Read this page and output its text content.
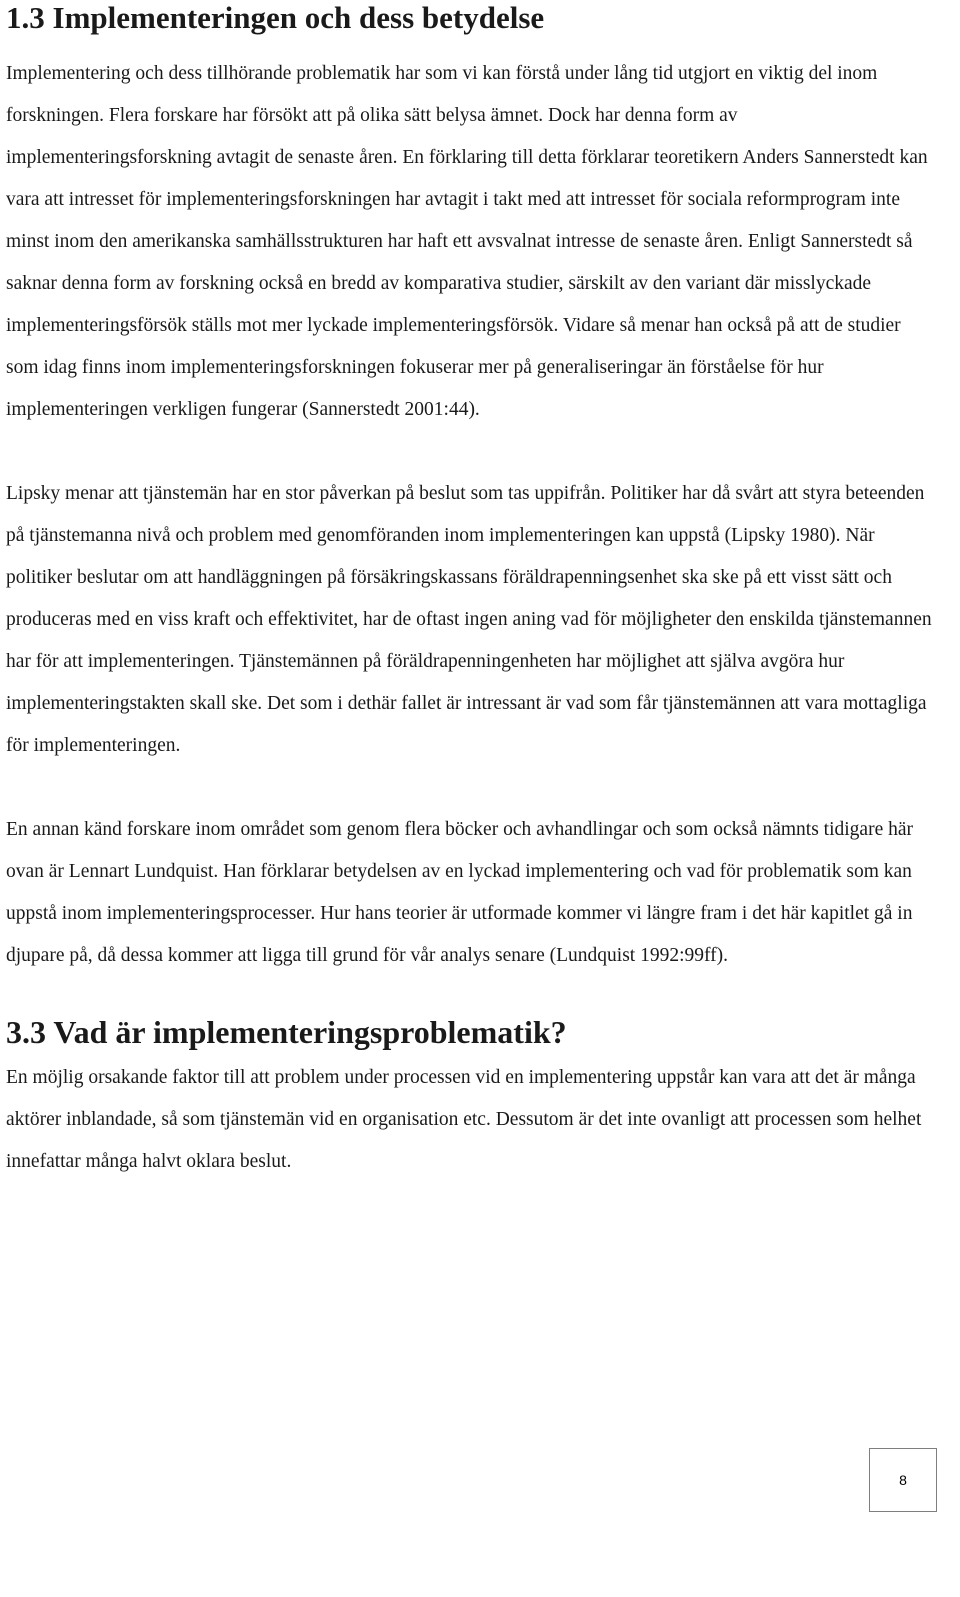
1.3 Implementeringen och dess betydelse

Implementering och dess tillhörande problematik har som vi kan förstå under lång tid utgjort en viktig del inom forskningen. Flera forskare har försökt att på olika sätt belysa ämnet. Dock har denna form av implementeringsforskning avtagit de senaste åren. En förklaring till detta förklarar teoretikern Anders Sannerstedt kan vara att intresset för implementeringsforskningen har avtagit i takt med att intresset för sociala reformprogram inte minst inom den amerikanska samhällsstrukturen har haft ett avsvalnat intresse de senaste åren. Enligt Sannerstedt så saknar denna form av forskning också en bredd av komparativa studier, särskilt av den variant där misslyckade implementeringsförsök ställs mot mer lyckade implementeringsförsök. Vidare så menar han också på att de studier som idag finns inom implementeringsforskningen fokuserar mer på generaliseringar än förståelse för hur implementeringen verkligen fungerar (Sannerstedt 2001:44).

Lipsky menar att tjänstemän har en stor påverkan på beslut som tas uppifrån. Politiker har då svårt att styra beteenden på tjänstemanna nivå och problem med genomföranden inom implementeringen kan uppstå (Lipsky 1980). När politiker beslutar om att handläggningen på försäkringskassans föräldrapenningsenhet ska ske på ett visst sätt och produceras med en viss kraft och effektivitet, har de oftast ingen aning vad för möjligheter den enskilda tjänstemannen har för att implementeringen. Tjänstemännen på föräldrapenningenheten har möjlighet att själva avgöra hur implementeringstakten skall ske. Det som i dethär fallet är intressant är vad som får tjänstemännen att vara mottagliga för implementeringen.

En annan känd forskare inom området som genom flera böcker och avhandlingar och som också nämnts tidigare här ovan är Lennart Lundquist. Han förklarar betydelsen av en lyckad implementering och vad för problematik som kan uppstå inom implementeringsprocesser. Hur hans teorier är utformade kommer vi längre fram i det här kapitlet gå in djupare på, då dessa kommer att ligga till grund för vår analys senare (Lundquist 1992:99ff).

3.3 Vad är implementeringsproblematik?

En möjlig orsakande faktor till att problem under processen vid en implementering uppstår kan vara att det är många aktörer inblandade, så som tjänstemän vid en organisation etc. Dessutom är det inte ovanligt att processen som helhet innefattar många halvt oklara beslut.

8
